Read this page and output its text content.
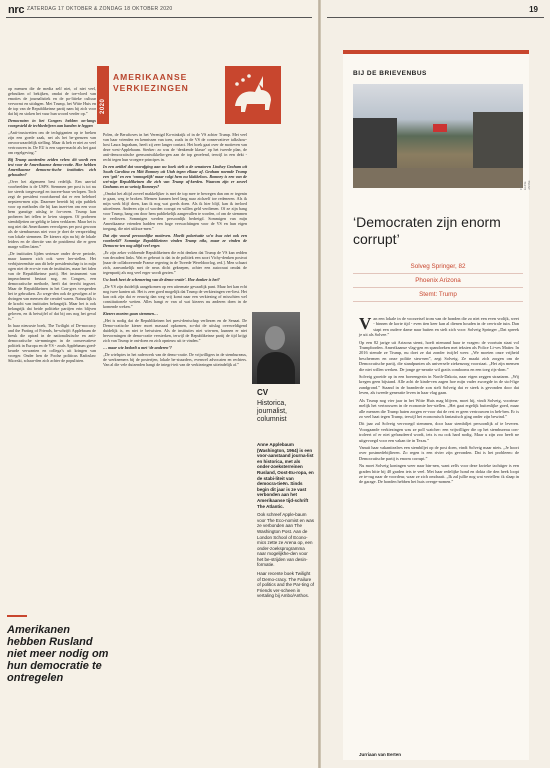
nrc ZATERDAG 17 OKTOBER & ZONDAG 18 OKTOBER 2020

op mensen die de media zelf niet, of niet veel, gebruiken of bekijken, omdat de toe-vloed van emoties de journalistiek en de po-litieke cultuur vervormt en uitdagen. Met Trump, het Witte Huis en de top van de Republikeinse partij nam hij zich voor dat hij en stoken het vuur hun woord verder op.”

Democraten in het Congres hebben on-langs voorgesteld de techbedrijven aan banden te leggen

„Anti-trustwetten om de techgiganten op te breken zijn een goede zaak, net als het be-grenzen van onvoorwaardelijk stelling. Maar ik heb er niet zo veel vertrouwen in. De EU is een super-macht als het gaat om regelgeving.”

Bij Trump aantreden zeiden velen: dit wordt een test voor de Amerikaanse demo-cratie. Hoe hebben Amerikaanse democra-tische instituties zich gehouden?

„Over het algemeen best redelijk. Een aan-tal voorbeelden is de USPS. Stemmen per post is tot nu toe steeds toegevoegd en tracere-baar verlopen. Toch zegt de president voortdurend dat er een heleboel nepstem-men zijn. Daarmee bereidt hij zijn publiek voor op methodes die hij kan inzet-ten om een voor hem gunstige uitslag te for-ceren. Trump kan proberen het tellen te la-ten stoppen. Of proberen stembiljetten on-geldig te laten verklaren. Maar het is nog niet dat Amerikanen vervolgens per post gewoon als de stembureaus niet voor je doet de verspreiding van lokale stemmen. De kiezers zijn nu bij de lokale leiders en de directie van de postdienst die er geen marge willen laten.”

„De instituties lijden serieuze onder de-ze periode, maar kunnen zich ook weer her-stellen. Het verbijsterendste aan dit hele presidentschap is in mijn ogen niet de ero-sie van de instituties, maar het falen van de Republikeinse partij. Het instrument van impeachment bestaat nog, en Congres, een democratische methode, heeft dat terecht ingezet. Maar de Republikeinen in het Con-gres versperden het te gebruiken. Zo wege-den ook de gevolgen af te dwingen van mensen die creatief waren. Natuurlijk is de kracht van instituties belangrijk. Maar het is ook belangrijk dat beide politieke partijen erin blijven geloven, en ik betwijfel of dat bij ons nog het geval is.”

In haar nieuwste boek, The Twilight of De-mocracy and the Parting of Friends, be-schrijft Applebaum de breuk die optrad in de nationalistische en anti-democratische ste-mmingen in de conservatieve politiek in Europa en de VS - zoals Applebaum goed-keurde verwanten en collega’s uit kringen van vroeger. Onder hen de Poolse politicus Radoslaw Sikorski, schaar-den zich achter de populisten.

2020
AMERIKAANSE
VERKIEZINGEN

Polen, de Beruftoves in het Verenigd Ko-ninkrijk of in de VS achter Trump. Met veel van haar vrienden en kennissen van toen, zoals in de VS de conservatieve talkshow-host Laura Ingraham, heeft zij zeer langer contact. Het boek gaat over de motieven van deze west-Applebaum. Sterker: zo was de ‘denkende klasse’ op het tweede plan, de anti-democratische grensontwikkelin-gen aan de top geoefend, terwijl in een dekt - recht tegen hun vroegere principes in.

In een artikel dat voorafging aan uw boek stelt u de senatoren Lindsey Graham uit South Carolina en Mitt Romney uit Utah tegen elkaar af. Graham noemde Trump een ‘gek’ en een ‘onmogelijk’ maar volgt hem nu klakkeloos. Romney is een van de wei-nige Republikeinen die zich van Trump af-kerden. Waarom zijn er zoveel Grahams en zo weinig Romneys?

„Omdat het altijd zoveel makkelijker is met de top mee te bewegen dan om er tegenin te gaan, weg te broken. Mensen kunnen heel lang naar zichzelf toe redeneren. Als ik mijn werk blijf doen, kan ik nog wat goeds doen. Als ik hier blijf, kan ik invloed uitoefenen. Anderen zijn of worden corrupt en willen geld verdienen. Of ze zijn bang voor Trump, bang om door hem publiekelijk aangevallen te worden, of om de stemmen te verliezen. Sommigen werden persoonlijk bedreigd. Sommigen van mijn Amerikaanse vrienden hadden een hoge verwachtingen voor de VS en hun eigen toegang, die niet uitkwa-men.”

Dat zijn vooral persoonlijke motieven. Moeilt polarisatie so’n kwa niet ook een voorbeeld? Sommige Republikeinen vinden Trump niks, maar ze vinden de Democra-ten nog altijd veel erger.

„Er zijn zeker voldoende Republikeinen die echt denken dat Trump de VS kan redden van decadent links. Wat er gebeurt is dat in de politiek een soort Vichy-denken postvat [naar de collaborerende Franse regering in de Tweede Wereldoorlog, red.]. Men schaart zich, aanvankelijk met de neus dicht geknepen, achter een autocraat omdat de tegenpartij als nog veel erger wordt gezien.”

Uw boek heet de schemering van de demo-cratie’. Hoe donker is het?

„De VS zijn duidelijk aangekomen op een uitermate gevaarlijk punt. Maar het kan echt nog twee kanten uit. Het is zeer goed mogelijk dat Trump de verkiezingen ver-liest. Het kan ook zijn dat er eeuwig dan weg vrij komt naar een verkiezing of misschien wel constitutionele wetten. Alles hangt er van af wat kiezers nu anderen doen in de komende weken.”

Kiezers moeten gaan stemmen…

„Het is nodig dat de Republikeinen het presi-dentschap verliezen en de Senaat. De Demo-cratische kiezer moet massaal opkomen, zo-dat de uitslag overweldigend duidelijk is, en niet te betwisten. Als de instituties niet win-nen, kunnen er niet hervormingen de demo-cratie versterken, terwijl de Republikeinse partij de tijd krijgt zich van Trump te ont-doen en zich opnieuw uit te vinden.”

… maar wie bedoelt u met ‘de anderen’?

„De wielspies in het raderwerk van de demo-cratie. De vrijwilligers in de stembureaus, de werknemers bij de posterijen, lokale be-stuurders, evenwel advocaten en rechters. Van al die vele duizenden hangt de integri-teit van de verkiezingen uiteindelijk af.”

Amerikanen hebben Rusland niet meer nodig om hun democratie te ontregelen
CV
Historica, journalist, columnist

Anne Applebaum (Washington, 1964) is een voor-aanstaand journa-list en historica, met als onder-zoeksterreinen Rusland, Oost-Eu-ropa, en de stabi-liteit van democra-tieën. Sinds begin dit jaar is ze vast verbonden aan het Amerikaanse tijd-schrift The Atlantic.

Ook schreef Apple-baum voor The Eco-nomist en was ze verbonden aan The Washington Post. Aan de London School of Econo-mics zette ze Arena op, een onder-zoeksprogramma naar mogelijkhe-den voor het be-strijden van desin-formatie.

Haar recente boek Twilight of Demo-cracy. The Failure of politics and the Par-ting of Friends ver-scheen in vertaling bij Ambo/Anthos.

19
BIJ DE BRIEVENBUS
FOTO ELINE JANSE
‘Democraten zijn enorm corrupt’
Solveg Springer, 82
Phoenix Arizona
Stemt: Trump

Van een lokale in de voorzetsel trom van de honden die zo niet een even vrolijk, weet - binnen de korte tijd - even tien keer kan al dienen houden in de cen-trale tuin. Dan stapt een oudere dame naar buiten en stelt zich voor: Solveig Springer „Dat spreek je uit als Solvee.”

Op een 82 jarige uit Arizona stemt, hoeft niemand haar te vragen: de voortuin staat vol Trumpborden. Amerikaanse vlag-gen en spandoeken met teksten als Police Li-ves Matter. In 2016 stemde ze Trump, nu doet ze dat zonder twijfel weer. „We moeten onze vrijheid beschermen en onze politie steu-nen”, zegt Solveig. Ze maakt zich zorgen om de Democratische partij, die standpunten als universele ziekenzorg voorstaat. „Het zijn mensen die niet willen werken. De jonge ge-neratie wil gratis condooms en een toeg rijs-dom.”

Solveig groeide op in een boerengezin in North-Dakota, naar eigen zeggen straatarm. „Wij kregen geen bijstand. Alle acht de kinde-ren zagen hoe mijn vader zwoegde in de stof-fige zandgrond.” Staand in de branderde zon stelt Solveig dat er steek is gevonden door dat leven, als tweede generatie leven in haar vlag gaan.

Als Trump nog vier jaar in het Witte Huis mag blijven, moet hij, vindt Solveig, voortma-melijk het vertrouwen in de economie her-stellen. „Het gaat ergelijk buitenlijke goed, maar alle mensen die Trump haten zorgen er-voor dat de rest er geen vertrouwen in heb-ben. Er is zo veel haat tegen Trump, terwijl het economisch fantastisch ging onder zijn bewind.”

Dit jaar zal Solveig vervroegd stemmen, door haar stembiljet persoonlijk af te leveren. Voorgaande verkiezingen was ze poll watcher: een vrijwilliger die op het stembureau con-troleert of er niet gefraudeerd wordt, iets is nu ook hard nodig. Maar u zijn zoo heeft ne uitgevoegd voor een vakan tie in Texas.”

Vanuit haar vakantiealres een stembiljet op de post doen, vindt Solveig maar niets. „Je hoort over postmedebijlieren. Zo regen is een rivier zijn gevonden. Dat is het probleem: de Democratische partij is enorm corrupt.”

Nu moet Solveig koningen weer naar bin-nen, want zelfs voor deze kwieke tachtiger is een graden hitte bij 40 graden iets te veel. Met haar redelijke hond en dokta die den heek loopt ze te-rug naar de voordeur, waar ze zich omdraait. „Ik zal jullie nog wat vertellen: ik slaap in de garage. De honden hebben het huis overge-nomen.”

Jurriaan van Eerten
